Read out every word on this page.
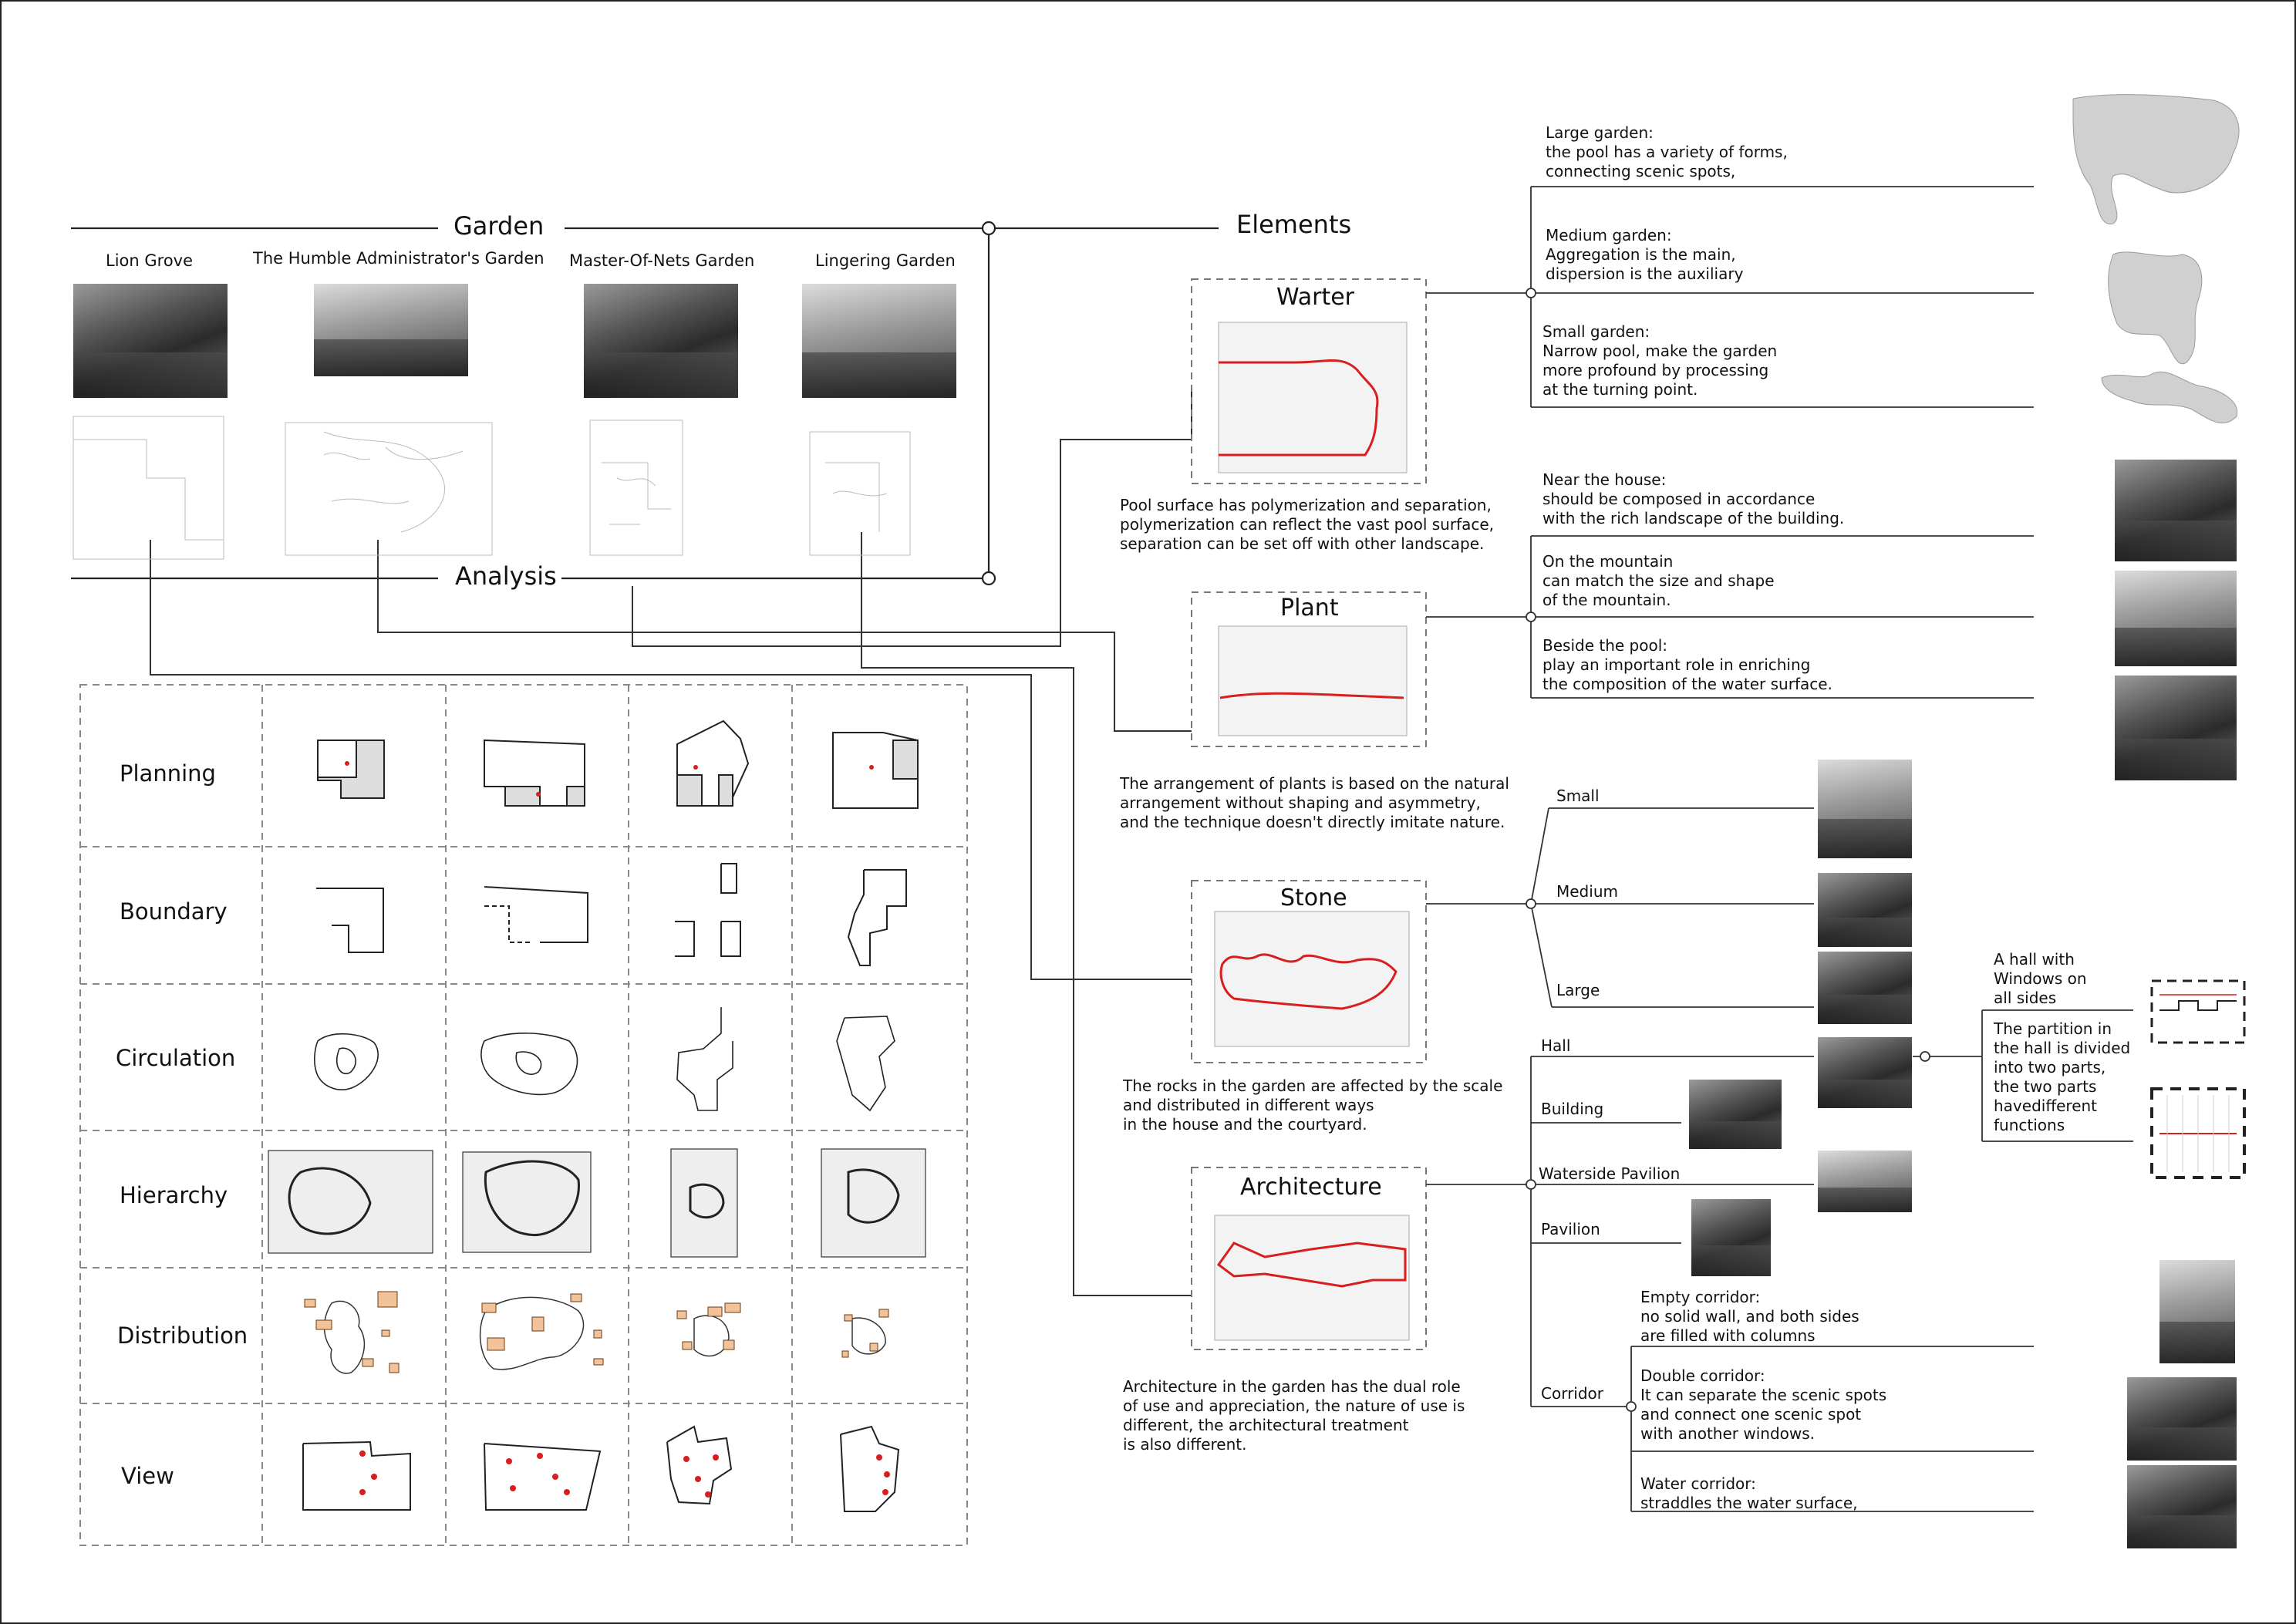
Garden
Analysis
Elements
Lion Grove	The Humble Administrator's Garden Master-Of-Nets Garden	Lingering Garden
Planning
Boundary
Circulation
Hierarchy
Distribution
View
Warter
Plant
Stone
Architecture
Pool surface has polymerization and separation,
polymerization can reflect the vast pool surface,
separation can be set off with other landscape.
The arrangement of plants is based on the natural
arrangement without shaping and asymmetry,
and the technique doesn't directly imitate nature.
The rocks in the garden are affected by the scale
and distributed in different ways
in the house and the courtyard.
Architecture in the garden has the dual role
of use and appreciation, the nature of use is
different, the architectural treatment
is also different.
Large garden:
the pool has a variety of forms,
connecting scenic spots,
Medium garden:
Aggregation is the main,
dispersion is the auxiliary
Small garden:
Narrow pool, make the garden
more profound by processing
at the turning point.
Near the house:
should be composed in accordance
with the rich landscape of the building.
On the mountain
can match the size and shape
of the mountain.
Beside the pool:
play an important role in enriching
the composition of the water surface.
Small
Medium
Large
Hall
Building
Waterside Pavilion
Pavilion
Corridor
A hall with
Windows on
all sides
The partition in
the hall is divided
into two parts,
the two parts
havedifferent
functions
Empty corridor:
no solid wall, and both sides
are filled with columns
Double corridor:
It can separate the scenic spots
and connect one scenic spot
with another windows.
Water corridor:
straddles the water surface,
